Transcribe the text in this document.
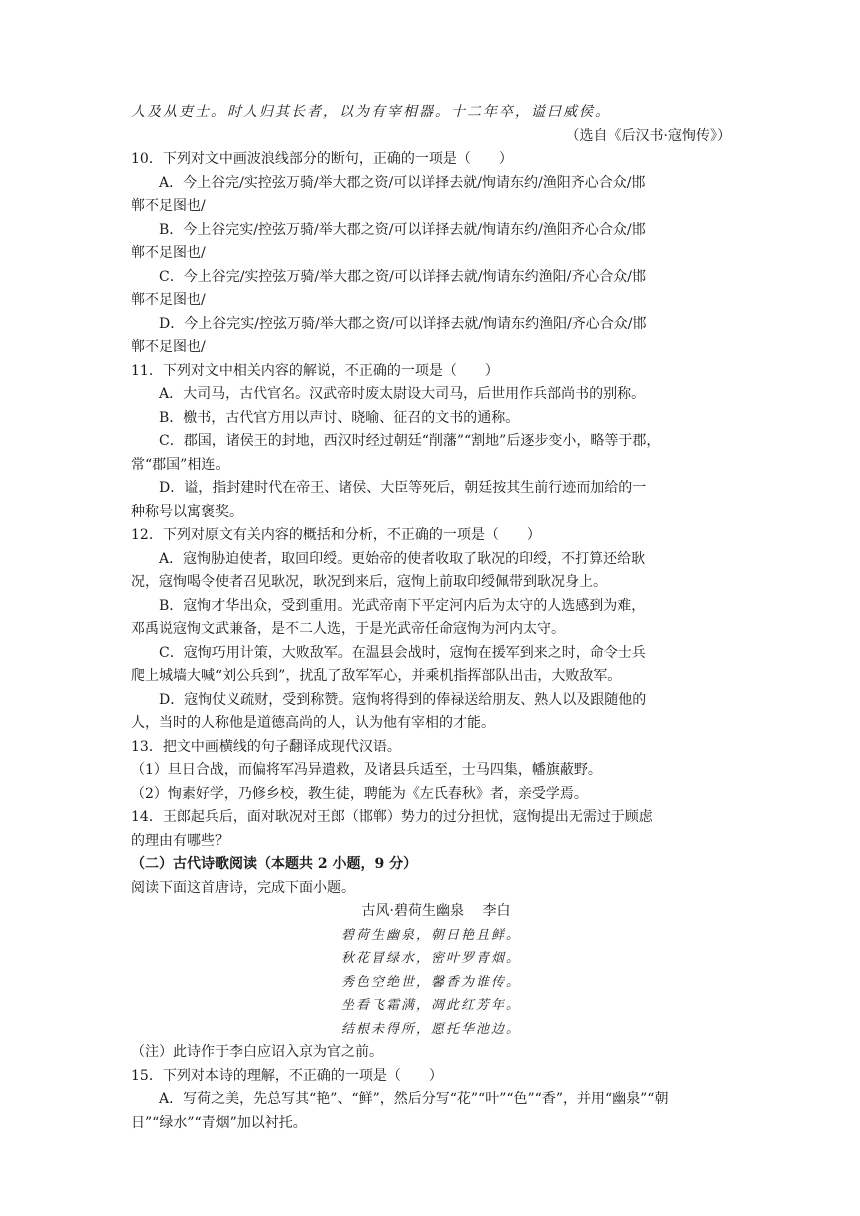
人及从吏士。时人归其长者，以为有宰相器。十二年卒，谥曰威侯。

（选自《后汉书·寇恂传》）

10．下列对文中画波浪线部分的断句，正确的一项是（　　）

A．今上谷完/实控弦万骑/举大郡之资/可以详择去就/恂请东约/渔阳齐心合众/邯

郸不足图也/

B．今上谷完实/控弦万骑/举大郡之资/可以详择去就/恂请东约/渔阳齐心合众/邯

郸不足图也/

C．今上谷完/实控弦万骑/举大郡之资/可以详择去就/恂请东约渔阳/齐心合众/邯

郸不足图也/

D．今上谷完实/控弦万骑/举大郡之资/可以详择去就/恂请东约渔阳/齐心合众/邯

郸不足图也/

11．下列对文中相关内容的解说，不正确的一项是（　　）

A．大司马，古代官名。汉武帝时废太尉设大司马，后世用作兵部尚书的别称。

B．檄书，古代官方用以声讨、晓喻、征召的文书的通称。

C．郡国，诸侯王的封地，西汉时经过朝廷“削藩”“割地”后逐步变小，略等于郡，

常“郡国”相连。

D．谥，指封建时代在帝王、诸侯、大臣等死后，朝廷按其生前行迹而加给的一

种称号以寓褒奖。

12．下列对原文有关内容的概括和分析，不正确的一项是（　　）

A．寇恂胁迫使者，取回印绶。更始帝的使者收取了耿况的印绶，不打算还给耿

况，寇恂喝令使者召见耿况，耿况到来后，寇恂上前取印绶佩带到耿况身上。

B．寇恂才华出众，受到重用。光武帝南下平定河内后为太守的人选感到为难，

邓禹说寇恂文武兼备，是不二人选，于是光武帝任命寇恂为河内太守。

C．寇恂巧用计策，大败敌军。在温县会战时，寇恂在援军到来之时，命令士兵

爬上城墙大喊“刘公兵到”，扰乱了敌军军心，并乘机指挥部队出击，大败敌军。

D．寇恂仗义疏财，受到称赞。寇恂将得到的俸禄送给朋友、熟人以及跟随他的

人，当时的人称他是道德高尚的人，认为他有宰相的才能。

13．把文中画横线的句子翻译成现代汉语。

（1）旦日合战，而偏将军冯异遣救，及诸县兵适至，士马四集，幡旗蔽野。

（2）恂素好学，乃修乡校，教生徒，聘能为《左氏春秋》者，亲受学焉。

14．王郎起兵后，面对耿况对王郎（邯郸）势力的过分担忧，寇恂提出无需过于顾虑

的理由有哪些？

（二）古代诗歌阅读（本题共 2 小题，9 分）

阅读下面这首唐诗，完成下面小题。

古风·碧荷生幽泉　 李白

碧荷生幽泉，朝日艳且鲜。

秋花冒绿水，密叶罗青烟。

秀色空绝世，馨香为谁传。

坐看飞霜满，凋此红芳年。

结根未得所，愿托华池边。

（注）此诗作于李白应诏入京为官之前。

15．下列对本诗的理解，不正确的一项是（　　）

A．写荷之美，先总写其“艳”、“鲜”，然后分写“花”“叶”“色”“香”，并用“幽泉”“朝

日”“绿水”“青烟”加以衬托。
